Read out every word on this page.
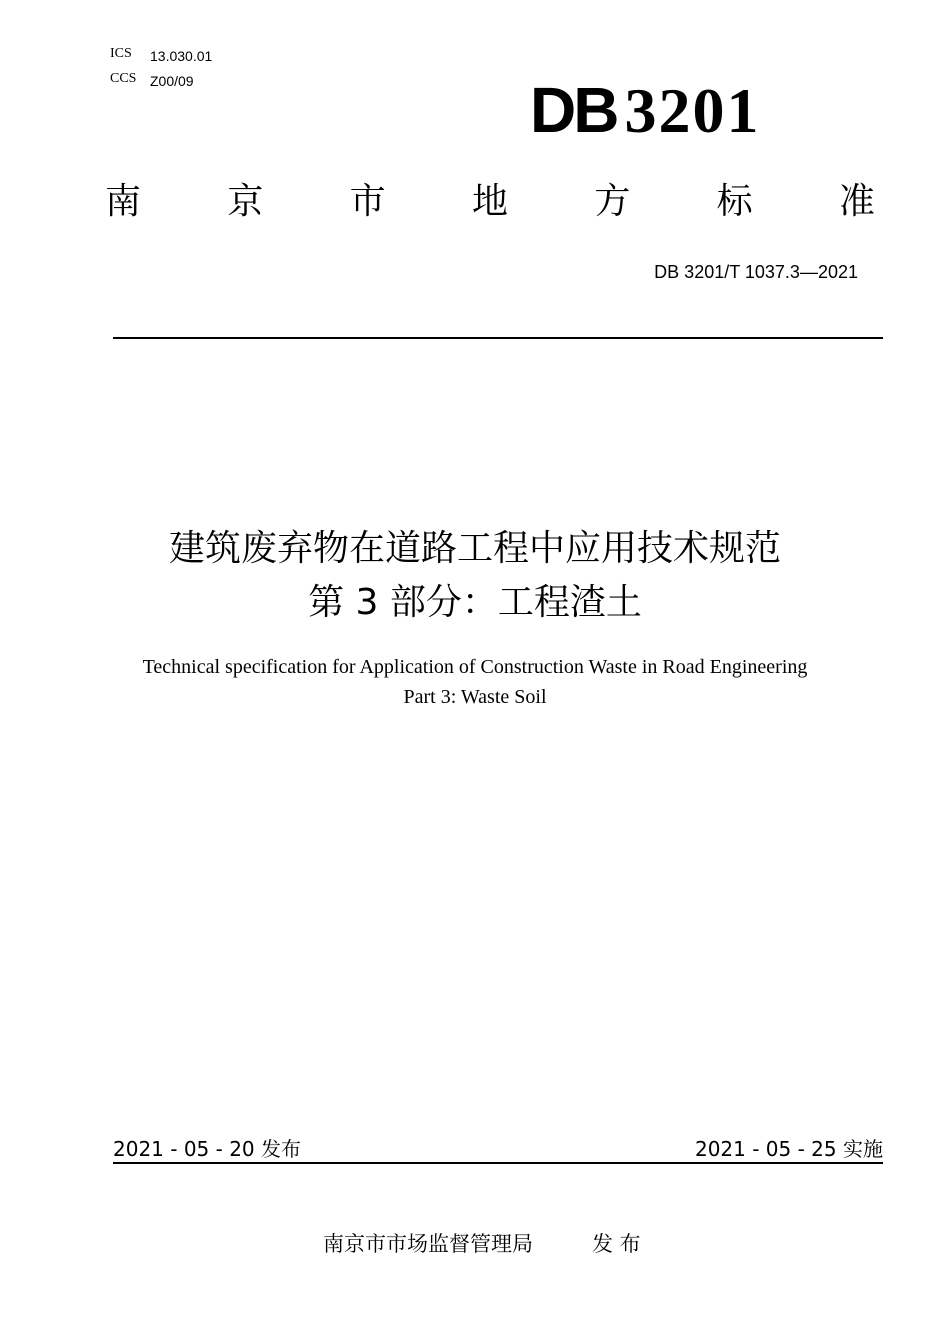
ICS 13.030.01
CCS Z00/09	DB 3201
南 京 市 地 方 标 准
DB 3201/T 1037.3—2021
建筑废弃物在道路工程中应用技术规范
第 3 部分：工程渣土
Technical specification for Application of Construction Waste in Road Engineering
Part 3: Waste Soil
2021 - 05 - 20 发布	2021 - 05 - 25 实施
南京市市场监督管理局	发 布
